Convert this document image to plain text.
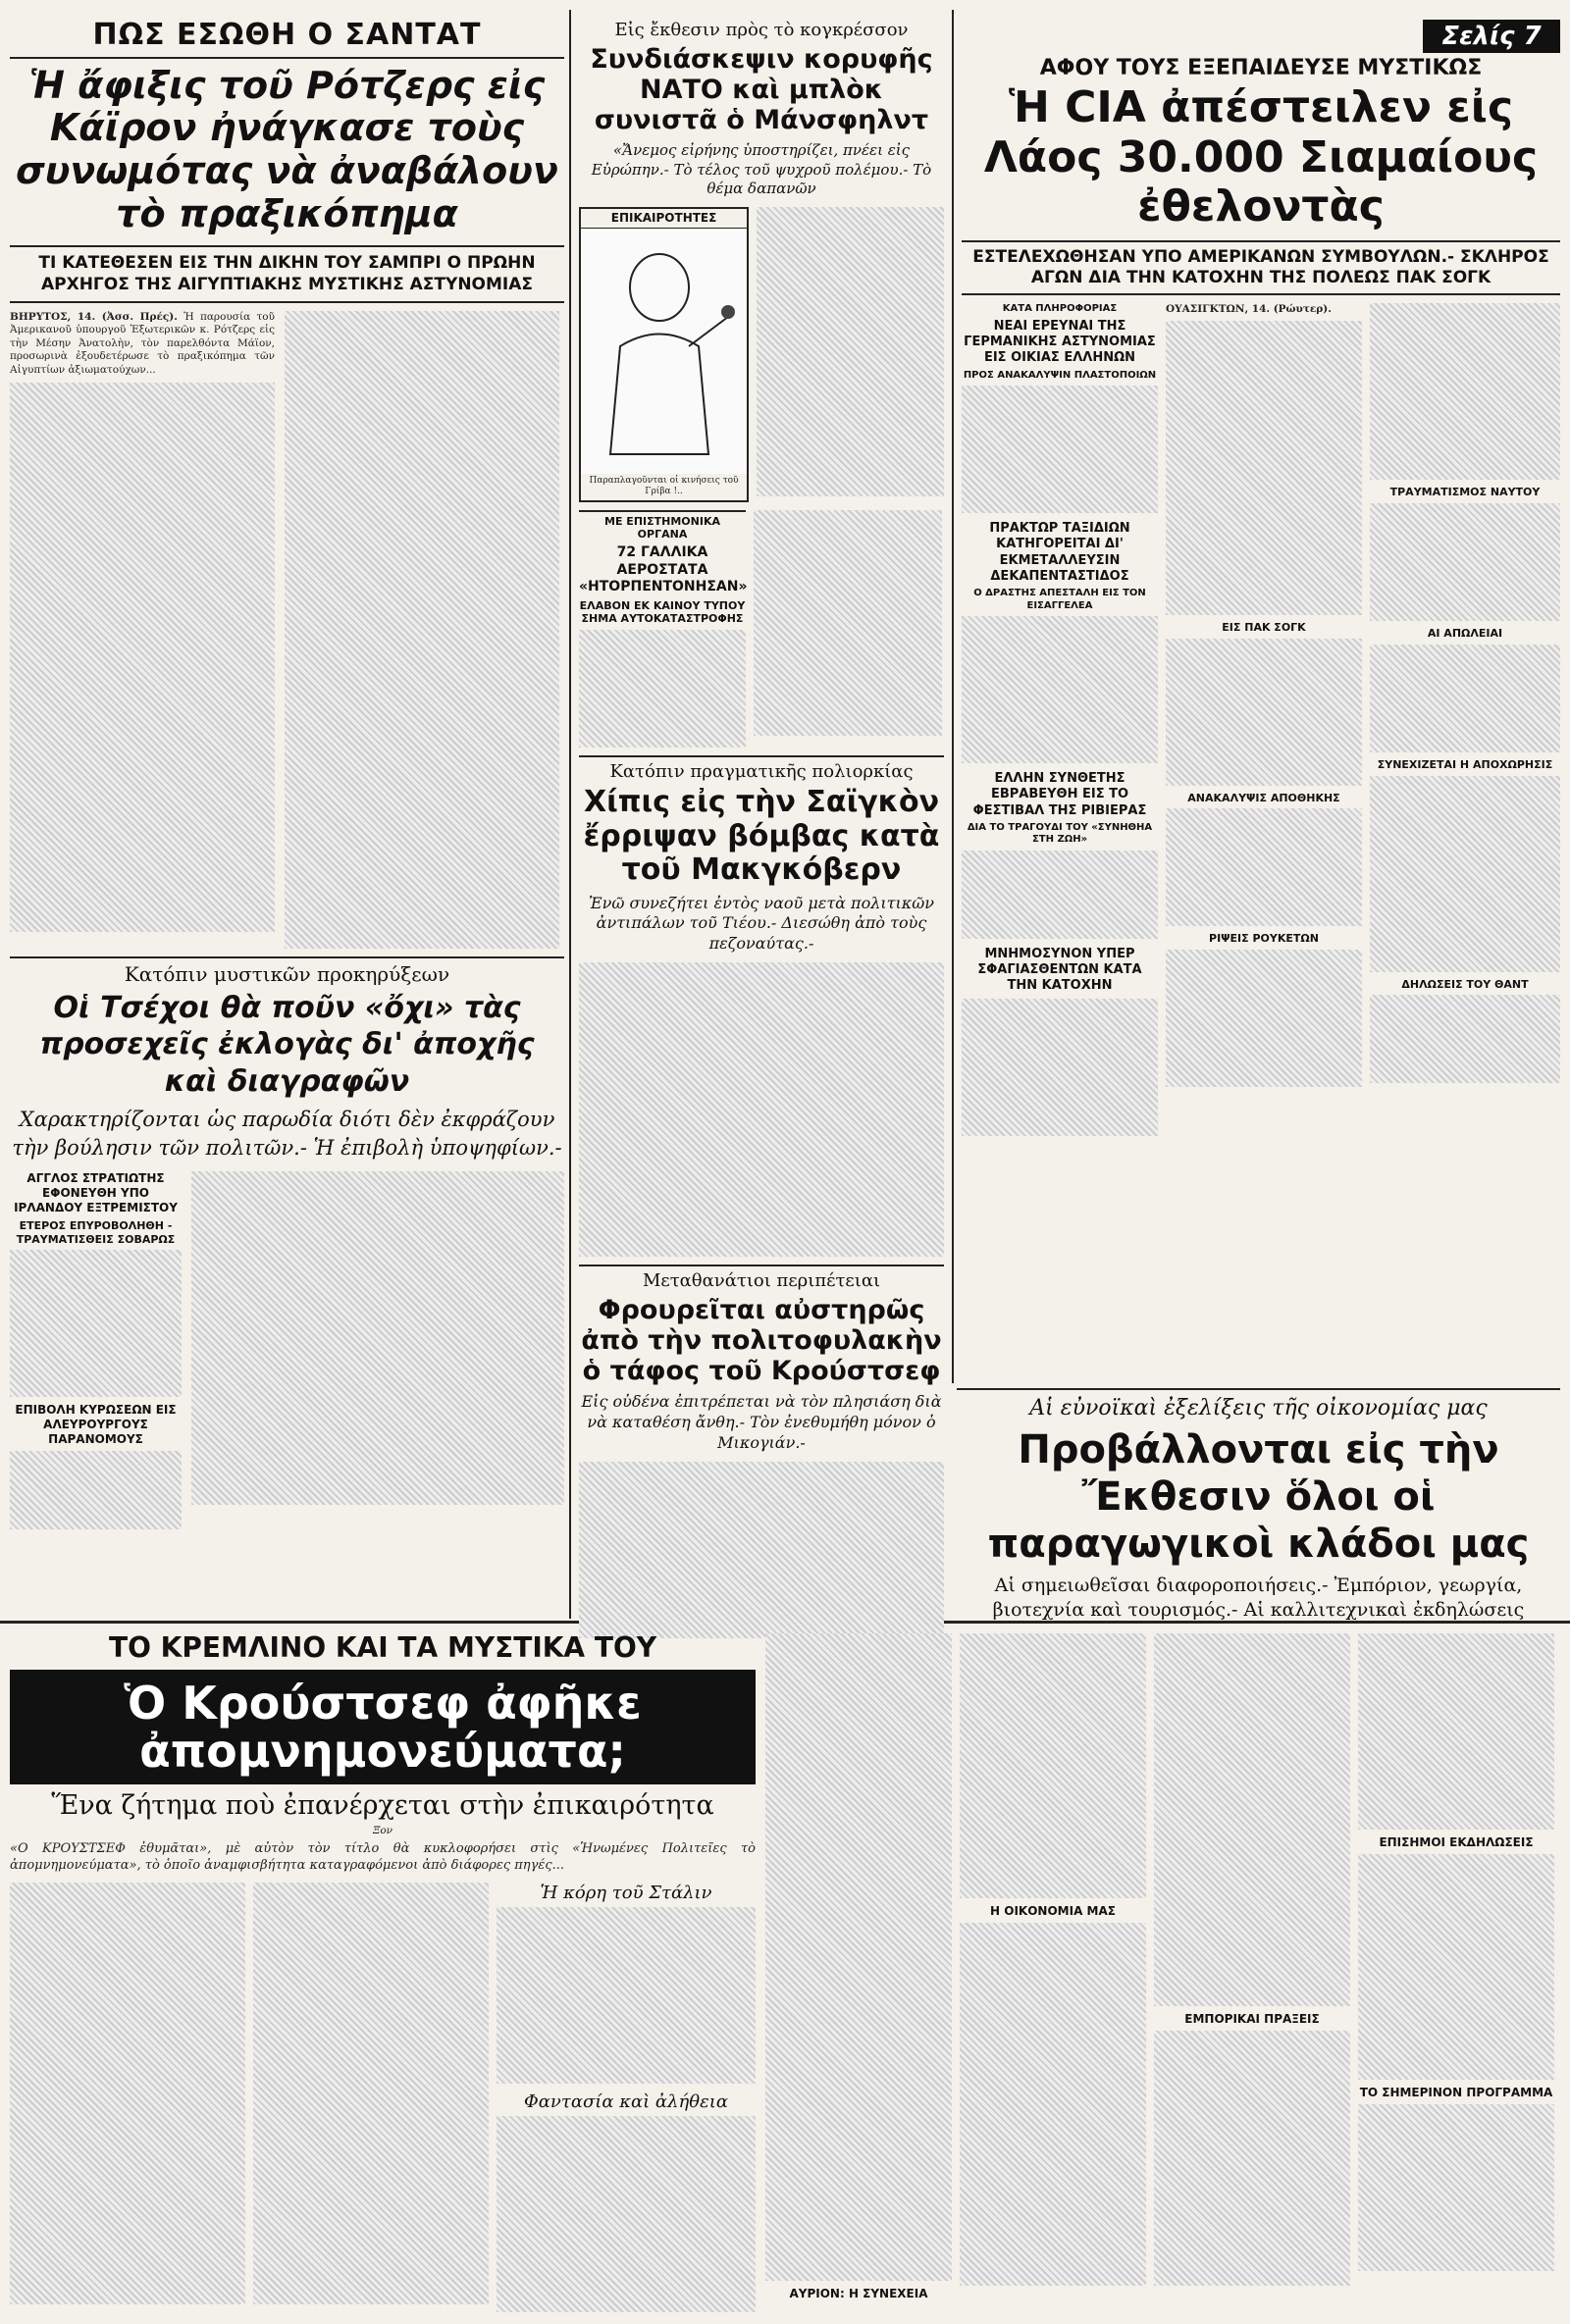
ΠΩΣ ΕΣΩΘΗ Ο ΣΑΝΤΑΤ
Ἡ ἄφιξις τοῦ Ρότζερς εἰς Κάϊρον ἠνάγκασε τοὺς συνωμότας νὰ ἀναβάλουν τὸ πραξικόπημα
ΤΙ ΚΑΤΕΘΕΣΕΝ ΕΙΣ ΤΗΝ ΔΙΚΗΝ ΤΟΥ ΣΑΜΠΡΙ Ο ΠΡΩΗΝ ΑΡΧΗΓΟΣ ΤΗΣ ΑΙΓΥΠΤΙΑΚΗΣ ΜΥΣΤΙΚΗΣ ΑΣΤΥΝΟΜΙΑΣ
ΒΗΡΥΤΟΣ, 14. (Ἀσσ. Πρές). Ἡ παρουσία τοῦ Ἀμερικανοῦ ὑπουργοῦ Ἐξωτερικῶν κ. Ρότζερς εἰς τὴν Μέσην Ἀνατολὴν, τὸν παρελθόντα Μάϊον, προσωρινὰ ἐξουδετέρωσε τὸ πραξικόπημα τῶν Αἰγυπτίων ἀξιωματούχων...
Κατόπιν μυστικῶν προκηρύξεων
Οἱ Τσέχοι θὰ ποῦν «ὄχι» τὰς προσεχεῖς ἐκλογὰς δι' ἀποχῆς καὶ διαγραφῶν
Χαρακτηρίζονται ὡς παρωδία διότι δὲν ἐκφράζουν τὴν βούλησιν τῶν πολιτῶν.- Ἡ ἐπιβολὴ ὑποψηφίων.-
ΑΓΓΛΟΣ ΣΤΡΑΤΙΩΤΗΣ ΕΦΟΝΕΥΘΗ ΥΠΟ ΙΡΛΑΝΔΟΥ ΕΞΤΡΕΜΙΣΤΟΥ
ΕΤΕΡΟΣ ΕΠΥΡΟΒΟΛΗΘΗ - ΤΡΑΥΜΑΤΙΣΘΕΙΣ ΣΟΒΑΡΩΣ
ΕΠΙΒΟΛΗ ΚΥΡΩΣΕΩΝ ΕΙΣ ΑΛΕΥΡΟΥΡΓΟΥΣ ΠΑΡΑΝΟΜΟΥΣ
Εἰς ἔκθεσιν πρὸς τὸ κογκρέσσον
Συνδιάσκεψιν κορυφῆς ΝΑΤΟ καὶ μπλὸκ συνιστᾶ ὁ Μάνσφηλντ
«Ἄνεμος εἰρήνης ὑποστηρίζει, πνέει εἰς Εὐρώπην.- Τὸ τέλος τοῦ ψυχροῦ πολέμου.- Τὸ θέμα δαπανῶν
ΕΠΙΚΑΙΡΟΤΗΤΕΣ
Παραπλαγοῦνται οἱ κινήσεις τοῦ Γρίβα !..
ΜΕ ΕΠΙΣΤΗΜΟΝΙΚΑ ΟΡΓΑΝΑ
72 ΓΑΛΛΙΚΑ ΑΕΡΟΣΤΑΤΑ «ΗΤΟΡΠΕΝΤΟΝΗΣΑΝ»
ΕΛΑΒΟΝ ΕΚ ΚΑΙΝΟΥ ΤΥΠΟΥ ΣΗΜΑ ΑΥΤΟΚΑΤΑΣΤΡΟΦΗΣ
Κατόπιν πραγματικῆς πολιορκίας
Χίπις εἰς τὴν Σαϊγκὸν ἔρριψαν βόμβας κατὰ τοῦ Μακγκόβερν
Ἐνῶ συνεζήτει ἐντὸς ναοῦ μετὰ πολιτικῶν ἀντιπάλων τοῦ Τιέου.- Διεσώθη ἀπὸ τοὺς πεζοναύτας.-
Μεταθανάτιοι περιπέτειαι
Φρουρεῖται αὐστηρῶς ἀπὸ τὴν πολιτοφυλακὴν ὁ τάφος τοῦ Κρούστσεφ
Εἰς οὐδένα ἐπιτρέπεται νὰ τὸν πλησιάση διὰ νὰ καταθέση ἄνθη.- Τὸν ἐνεθυμήθη μόνον ὁ Μικογιάν.-
Σελίς 7
ΑΦΟΥ ΤΟΥΣ ΕΞΕΠΑΙΔΕΥΣΕ ΜΥΣΤΙΚΩΣ
Ἡ CIA ἀπέστειλεν εἰς Λάος 30.000 Σιαμαίους ἐθελοντὰς
ΕΣΤΕΛΕΧΩΘΗΣΑΝ ΥΠΟ ΑΜΕΡΙΚΑΝΩΝ ΣΥΜΒΟΥΛΩΝ.- ΣΚΛΗΡΟΣ ΑΓΩΝ ΔΙΑ ΤΗΝ ΚΑΤΟΧΗΝ ΤΗΣ ΠΟΛΕΩΣ ΠΑΚ ΣΟΓΚ
ΚΑΤΑ ΠΛΗΡΟΦΟΡΙΑΣ
ΝΕΑΙ ΕΡΕΥΝΑΙ ΤΗΣ ΓΕΡΜΑΝΙΚΗΣ ΑΣΤΥΝΟΜΙΑΣ ΕΙΣ ΟΙΚΙΑΣ ΕΛΛΗΝΩΝ
ΠΡΟΣ ΑΝΑΚΑΛΥΨΙΝ ΠΛΑΣΤΟΠΟΙΩΝ
ΠΡΑΚΤΩΡ ΤΑΞΙΔΙΩΝ ΚΑΤΗΓΟΡΕΙΤΑΙ ΔΙ' ΕΚΜΕΤΑΛΛΕΥΣΙΝ ΔΕΚΑΠΕΝΤΑΣΤΙΔΟΣ
Ο ΔΡΑΣΤΗΣ ΑΠΕΣΤΑΛΗ ΕΙΣ ΤΟΝ ΕΙΣΑΓΓΕΛΕΑ
ΕΛΛΗΝ ΣΥΝΘΕΤΗΣ ΕΒΡΑΒΕΥΘΗ ΕΙΣ ΤΟ ΦΕΣΤΙΒΑΛ ΤΗΣ ΡΙΒΙΕΡΑΣ
ΔΙΑ ΤΟ ΤΡΑΓΟΥΔΙ ΤΟΥ «ΣΥΝΗΘΗΑ ΣΤΗ ΖΩΗ»
ΜΝΗΜΟΣΥΝΟΝ ΥΠΕΡ ΣΦΑΓΙΑΣΘΕΝΤΩΝ ΚΑΤΑ ΤΗΝ ΚΑΤΟΧΗΝ
ΟΥΑΣΙΓΚΤΩΝ, 14. (Ρώυτερ).
ΕΙΣ ΠΑΚ ΣΟΓΚ
ΑΝΑΚΑΛΥΨΙΣ ΑΠΟΘΗΚΗΣ
ΡΙΨΕΙΣ ΡΟΥΚΕΤΩΝ
ΤΡΑΥΜΑΤΙΣΜΟΣ ΝΑΥΤΟΥ
ΑΙ ΑΠΩΛΕΙΑΙ
ΣΥΝΕΧΙΖΕΤΑΙ Η ΑΠΟΧΩΡΗΣΙΣ
ΔΗΛΩΣΕΙΣ ΤΟΥ ΘΑΝΤ
Αἱ εὐνοϊκαὶ ἐξελίξεις τῆς οἰκονομίας μας
Προβάλλονται εἰς τὴν Ἔκθεσιν ὅλοι οἱ παραγωγικοὶ κλάδοι μας
Αἱ σημειωθεῖσαι διαφοροποιήσεις.- Ἐμπόριον, γεωργία, βιοτεχνία καὶ τουρισμός.- Αἱ καλλιτεχνικαὶ ἐκδηλώσεις
ΤΟ ΚΡΕΜΛΙΝΟ ΚΑΙ ΤΑ ΜΥΣΤΙΚΑ ΤΟΥ
Ὁ Κρούστσεφ ἀφῆκε ἀπομνημονεύματα;
Ἕνα ζήτημα ποὺ ἐπανέρχεται στὴν ἐπικαιρότητα
Ξον
«Ο ΚΡΟΥΣΤΣΕΦ ἐθυμᾶται», μὲ αὐτὸν τὸν τίτλο θὰ κυκλοφορήσει στὶς «Ἡνωμένες Πολιτεῖες τὸ ἀπομνημονεύματα», τὸ ὁποῖο ἀναμφισβήτητα καταγραφόμενοι ἀπὸ διάφορες πηγές...
Ἡ κόρη τοῦ Στάλιν
Φαντασία καὶ ἀλήθεια
ΑΥΡΙΟΝ: Η ΣΥΝΕΧΕΙΑ
Η ΟΙΚΟΝΟΜΙΑ ΜΑΣ
ΕΜΠΟΡΙΚΑΙ ΠΡΑΞΕΙΣ
ΕΠΙΣΗΜΟΙ ΕΚΔΗΛΩΣΕΙΣ
ΤΟ ΣΗΜΕΡΙΝΟΝ ΠΡΟΓΡΑΜΜΑ
